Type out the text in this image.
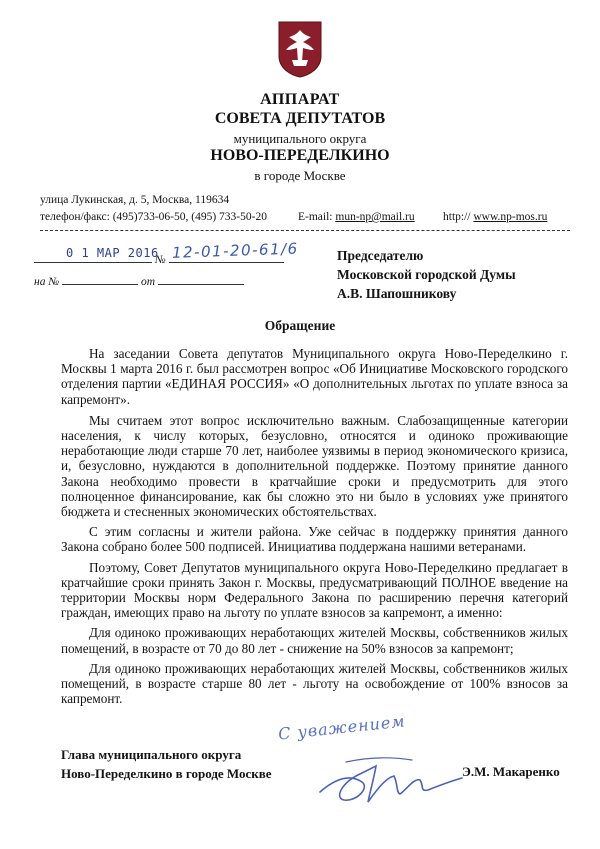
АППАРАТ
СОВЕТА ДЕПУТАТОВ
муниципального округа
НОВО-ПЕРЕДЕЛКИНО
в городе Москве
улица Лукинская, д. 5, Москва, 119634
телефон/факс: (495)733-06-50, (495) 733-50-20	E-mail: mun-np@mail.ru http:// www.np-mos.ru
0 1 МАР 2016 12-01-20-61/6
№
на №	от
Председателю
Московской городской Думы
А.В. Шапошникову
Обращение

На заседании Совета депутатов Муниципального округа Ново-Переделкино г. Москвы 1 марта 2016 г. был рассмотрен вопрос «Об Инициативе Московского городского отделения партии «ЕДИНАЯ РОССИЯ» «О дополнительных льготах по уплате взноса за капремонт».

Мы считаем этот вопрос исключительно важным. Слабозащищенные категории населения, к числу которых, безусловно, относятся и одиноко проживающие неработающие люди старше 70 лет, наиболее уязвимы в период экономического кризиса, и, безусловно, нуждаются в дополнительной поддержке. Поэтому принятие данного Закона необходимо провести в кратчайшие сроки и предусмотрить для этого полноценное финансирование, как бы сложно это ни было в условиях уже принятого бюджета и стесненных экономических обстоятельствах.

С этим согласны и жители района. Уже сейчас в поддержку принятия данного Закона собрано более 500 подписей. Инициатива поддержана нашими ветеранами.

Поэтому, Совет Депутатов муниципального округа Ново-Переделкино предлагает в кратчайшие сроки принять Закон г. Москвы, предусматривающий ПОЛНОЕ введение на территории Москвы норм Федерального Закона по расширению перечня категорий граждан, имеющих право на льготу по уплате взносов за капремонт, а именно:

Для одиноко проживающих неработающих жителей Москвы, собственников жилых помещений, в возрасте от 70 до 80 лет - снижение на 50% взносов за капремонт;

Для одиноко проживающих неработающих жителей Москвы, собственников жилых помещений, в возрасте старше 80 лет - льготу на освобождение от 100% взносов за капремонт.

С уважением
Глава муниципального округа
Ново-Переделкино в городе Москве	Э.М. Макаренко
